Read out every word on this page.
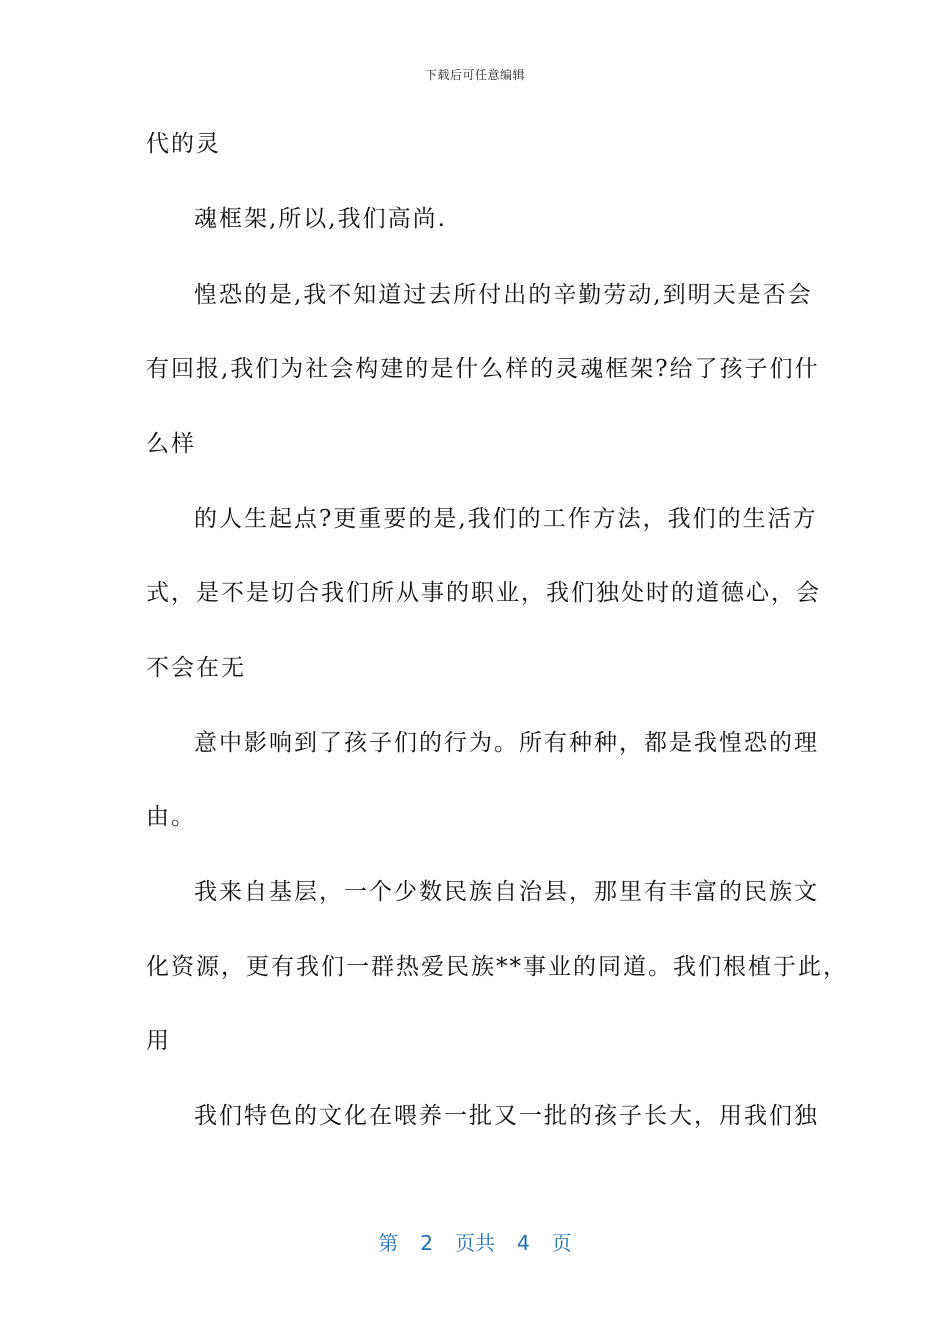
下载后可任意编辑
代的灵
魂框架,所以,我们高尚.
惶恐的是,我不知道过去所付出的辛勤劳动,到明天是否会
有回报,我们为社会构建的是什么样的灵魂框架?给了孩子们什
么样
的人生起点?更重要的是,我们的工作方法，我们的生活方
式，是不是切合我们所从事的职业，我们独处时的道德心，会
不会在无
意中影响到了孩子们的行为。所有种种，都是我惶恐的理
由。
我来自基层，一个少数民族自治县，那里有丰富的民族文
化资源，更有我们一群热爱民族**事业的同道。我们根植于此，
用
我们特色的文化在喂养一批又一批的孩子长大，用我们独
第 2 页共 4 页
